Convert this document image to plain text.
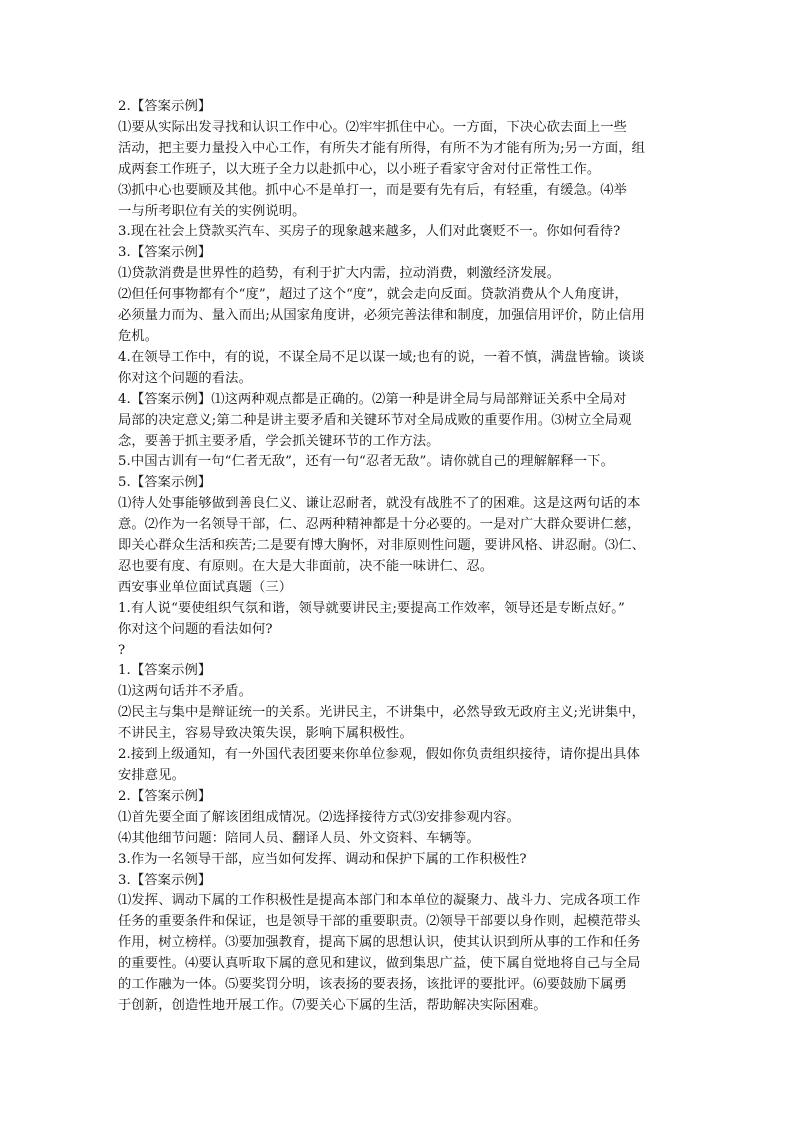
2.【答案示例】
⑴要从实际出发寻找和认识工作中心。⑵牢牢抓住中心。一方面，下决心砍去面上一些
活动，把主要力量投入中心工作，有所失才能有所得，有所不为才能有所为;另一方面，组
成两套工作班子，以大班子全力以赴抓中心，以小班子看家守舍对付正常性工作。
⑶抓中心也要顾及其他。抓中心不是单打一，而是要有先有后，有轻重，有缓急。⑷举
一与所考职位有关的实例说明。
3.现在社会上贷款买汽车、买房子的现象越来越多，人们对此褒贬不一。你如何看待?
3.【答案示例】
⑴贷款消费是世界性的趋势，有利于扩大内需，拉动消费，刺激经济发展。
⑵但任何事物都有个“度”，超过了这个“度”，就会走向反面。贷款消费从个人角度讲，
必须量力而为、量入而出;从国家角度讲，必须完善法律和制度，加强信用评价，防止信用
危机。
4.在领导工作中，有的说，不谋全局不足以谋一域;也有的说，一着不慎，满盘皆输。谈谈
你对这个问题的看法。
4.【答案示例】⑴这两种观点都是正确的。⑵第一种是讲全局与局部辩证关系中全局对
局部的决定意义;第二种是讲主要矛盾和关键环节对全局成败的重要作用。⑶树立全局观
念，要善于抓主要矛盾，学会抓关键环节的工作方法。
5.中国古训有一句“仁者无敌”，还有一句“忍者无敌”。请你就自己的理解解释一下。
5.【答案示例】
⑴待人处事能够做到善良仁义、谦让忍耐者，就没有战胜不了的困难。这是这两句话的本
意。⑵作为一名领导干部，仁、忍两种精神都是十分必要的。一是对广大群众要讲仁慈，
即关心群众生活和疾苦;二是要有博大胸怀，对非原则性问题，要讲风格、讲忍耐。⑶仁、
忍也要有度、有原则。在大是大非面前，决不能一味讲仁、忍。
西安事业单位面试真题（三）
1.有人说“要使组织气氛和谐，领导就要讲民主;要提高工作效率，领导还是专断点好。”
你对这个问题的看法如何?
?
1.【答案示例】
⑴这两句话并不矛盾。
⑵民主与集中是辩证统一的关系。光讲民主，不讲集中，必然导致无政府主义;光讲集中，
不讲民主，容易导致决策失误，影响下属积极性。
2.接到上级通知，有一外国代表团要来你单位参观，假如你负责组织接待，请你提出具体
安排意见。
2.【答案示例】
⑴首先要全面了解该团组成情况。⑵选择接待方式⑶安排参观内容。
⑷其他细节问题：陪同人员、翻译人员、外文资料、车辆等。
3.作为一名领导干部，应当如何发挥、调动和保护下属的工作积极性?
3.【答案示例】
⑴发挥、调动下属的工作积极性是提高本部门和本单位的凝聚力、战斗力、完成各项工作
任务的重要条件和保证，也是领导干部的重要职责。⑵领导干部要以身作则，起模范带头
作用，树立榜样。⑶要加强教育，提高下属的思想认识，使其认识到所从事的工作和任务
的重要性。⑷要认真听取下属的意见和建议，做到集思广益，使下属自觉地将自己与全局
的工作融为一体。⑸要奖罚分明，该表扬的要表扬，该批评的要批评。⑹要鼓励下属勇
于创新，创造性地开展工作。⑺要关心下属的生活，帮助解决实际困难。
